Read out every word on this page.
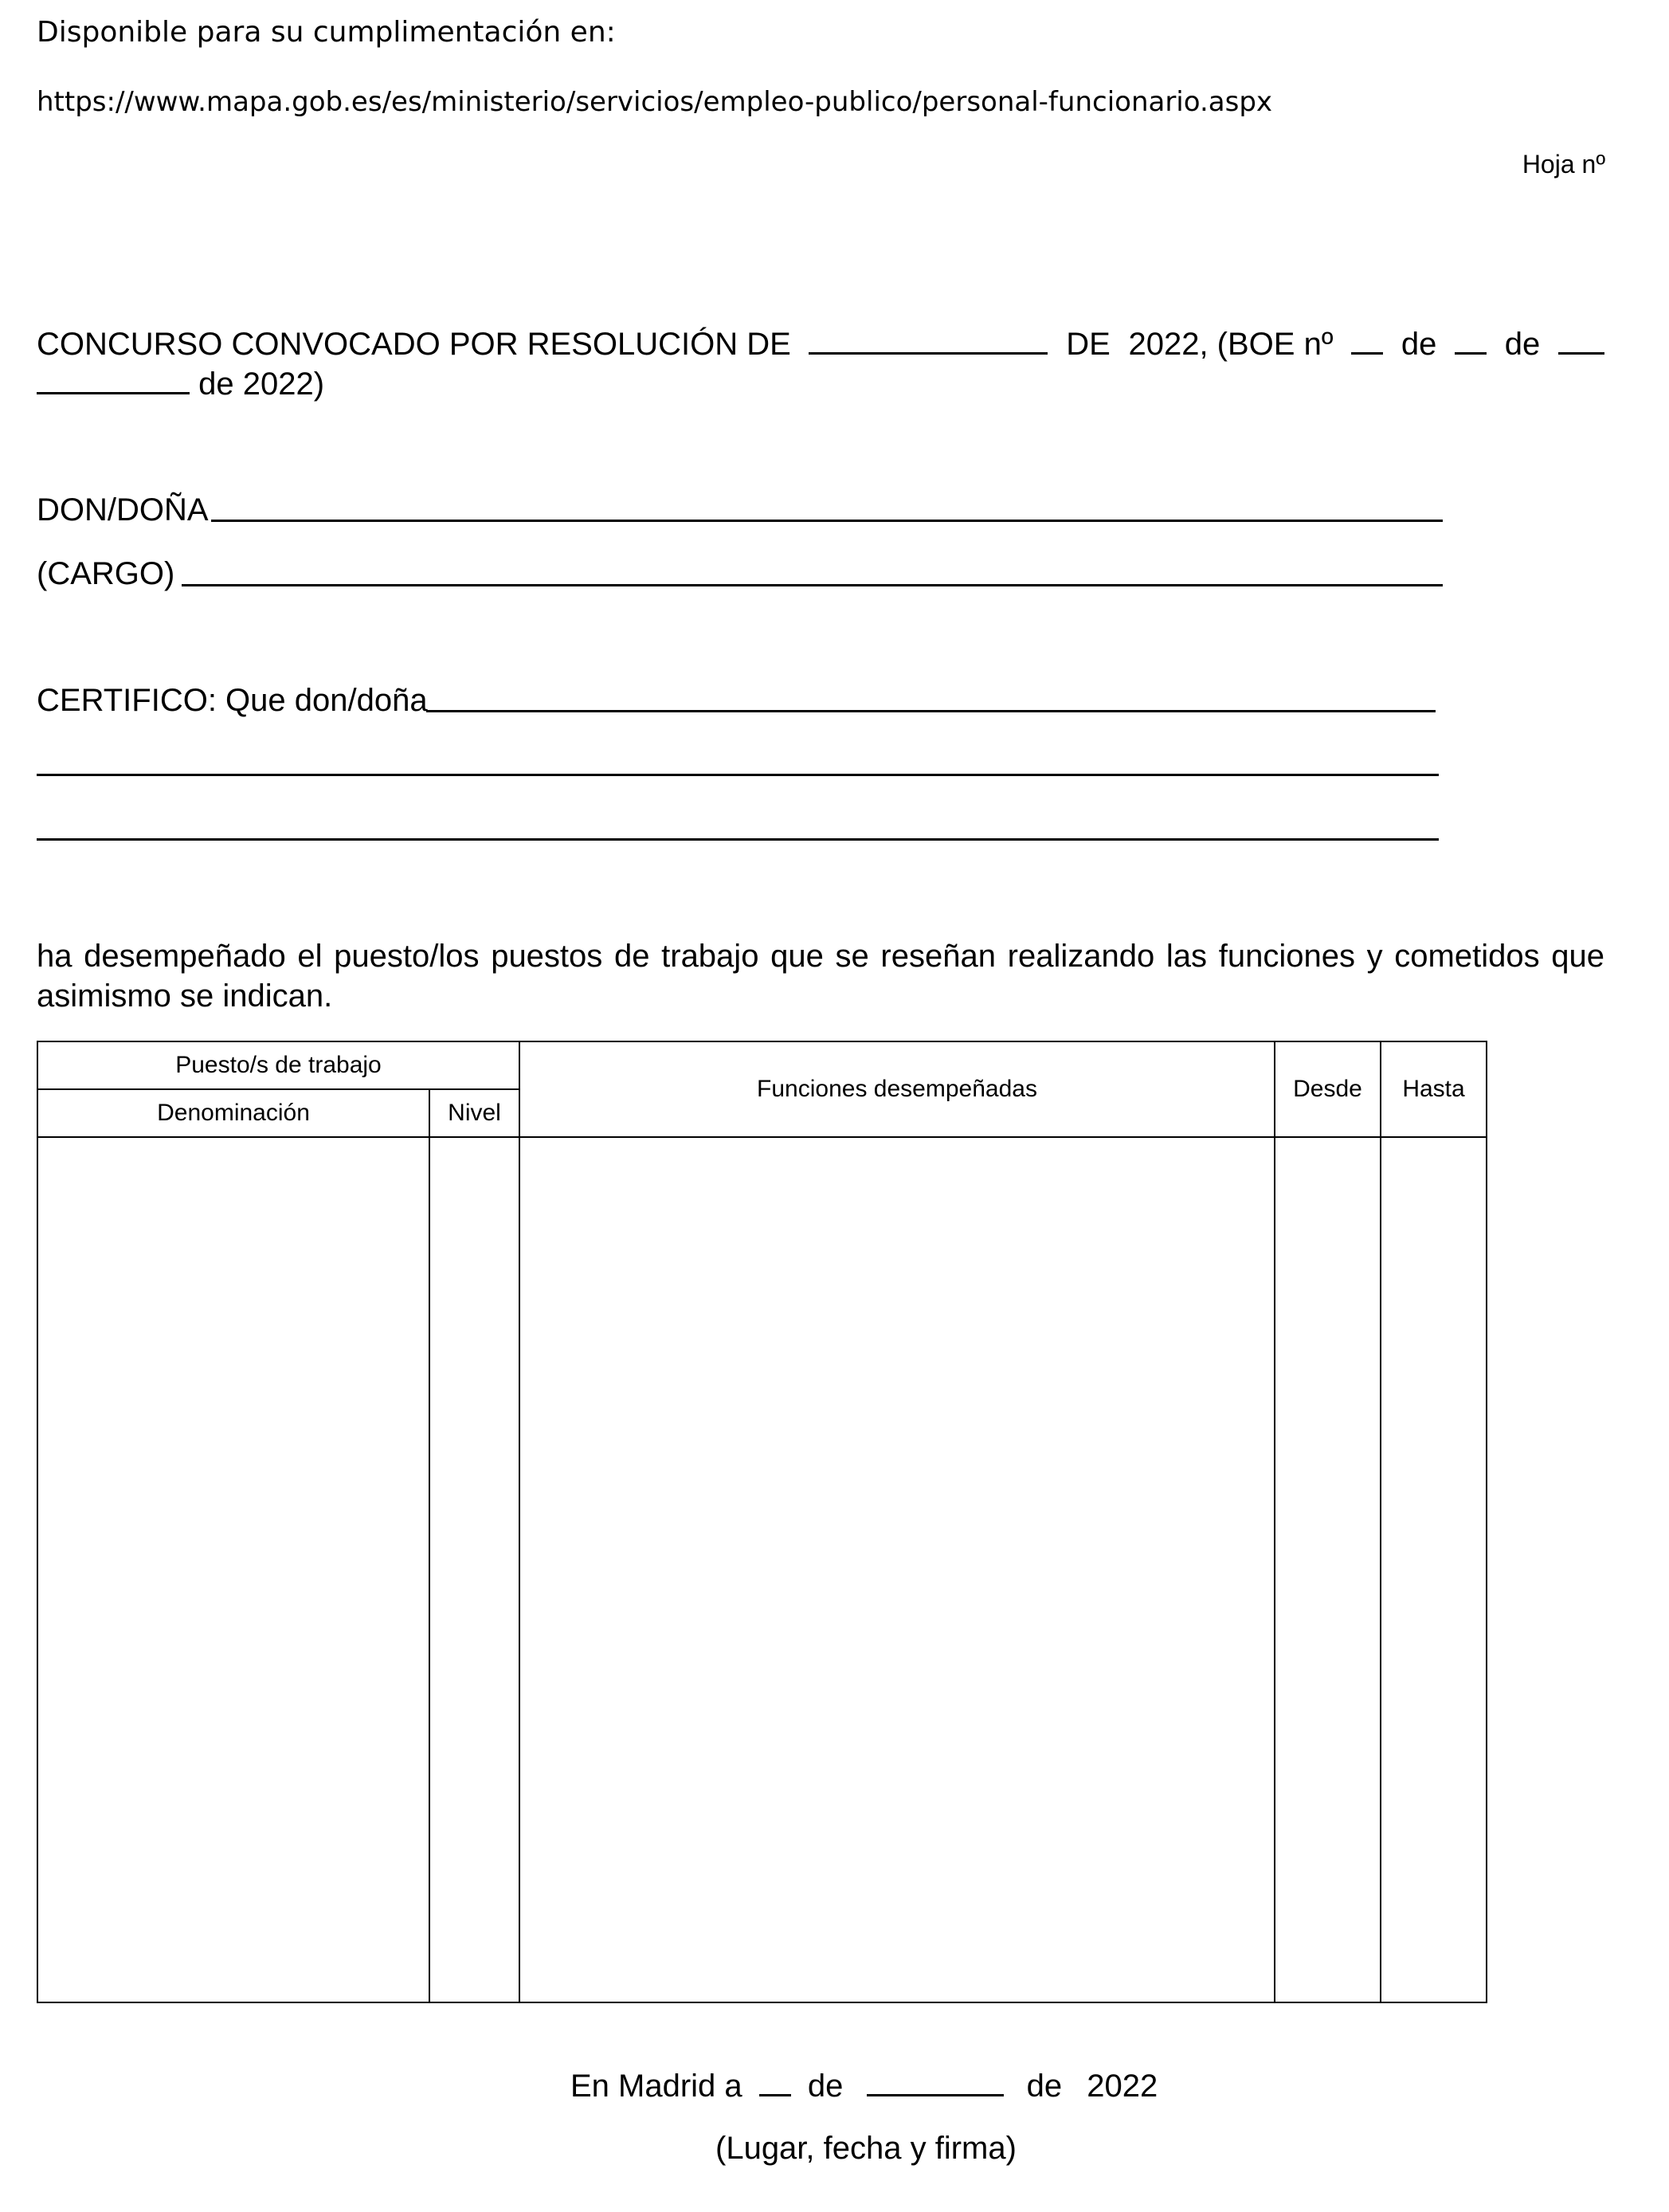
Disponible para su cumplimentación en:
https://www.mapa.gob.es/es/ministerio/servicios/empleo-publico/personal-funcionario.aspx
Hoja nº
CONCURSO CONVOCADO POR RESOLUCIÓN DE	DE 2022, (BOE nº de de
de 2022)
DON/DOÑA
(CARGO)
CERTIFICO: Que don/doña
ha desempeñado el puesto/los puestos de trabajo que se reseñan realizando las funciones y cometidos que asimismo se indican.
Puesto/s de trabajo		Funciones desempeñadas	Desde	Hasta
Denominación	Nivel			

En Madrid a de	de 2022
(Lugar, fecha y firma)
